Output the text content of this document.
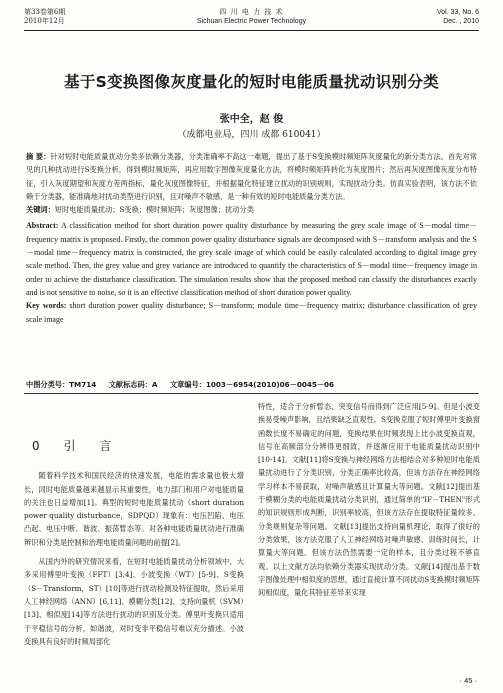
第33卷第6期
2010年12月
四 川 电 力 技 术
Sichuan Electric Power Technology
Vol. 33, No. 6
Dec. , 2010
基于S变换图像灰度量化的短时电能质量扰动识别分类
张中全，赵 俊
（成都电业局，四川 成都 610041）

摘 要：针对短时电能质量扰动分类多依赖分类器，分类准确率不高这一难题，提出了基于S变换模时频矩阵灰度量化的新分类方法。首先对常见的几种扰动进行S变换分析，得到模时频矩阵，再应用数字图像灰度量化方法，将模时频矩阵转化为灰度图片；然后再灰度图像灰度分布特征，引入灰度期望和灰度方差两指标，量化灰度图像特征，并根据量化特征建立扰动的识别规则，实现扰动分类。仿真实验表明，该方法不依赖于分类器，能准确地对扰动类型进行识别，且对噪声不敏感，是一种有效的短时电能质量分类方法。

关键词：短时电能质量扰动；S变换；模时频矩阵；灰度图像；扰动分类

Abstract: A classification method for short duration power quality disturbance by measuring the grey scale image of S－modal time－frequency matrix is proposed. Firstly, the common power quality disturbance signals are decomposed with S－transform analysis and the S－modal time－frequency matrix is constructed, the grey scale image of which could be easily calculated according to digital image grey scale method. Then, the grey value and grey variance are introduced to quantify the characteristics of S－modal time－frequency image in order to achieve the disturbance classification. The simulation results show that the proposed method can classify the disturbances exactly and is not sensitive to noise, so it is an effective classification method of short duration power quality.

Key words: short duration power quality disturbance; S－transform; module time－frequency matrix; disturbance classification of grey scale image

中图分类号：TM714 文献标志码：A 文章编号：1003－6954(2010)06－0045－06
0 引 言

随着科学技术和国民经济的快速发展，电能的需求量也极大增长，同时电能质量越来越显示其重要性，电力部门和用户对电能质量的关注也日益增加[1]。典型的短时电能质量扰动（short duration power quality disturbance，SDPQD）现象有：电压凹陷、电压凸起、电压中断、谐波、振荡暂态等。对各种电能质量扰动进行准确辨识和分类是控制和治理电能质量问题的前提[2]。

从国内外的研究情况来看，在短时电能质量扰动分析领域中，大多采用傅里叶变换（FFT）[3,4]、小波变换（WT）[5-9]、S变换（S－Transform，ST）[10]等进行扰动检测及特征提取，然后采用人工神经网络（ANN）[6,11]、模糊分类[12]、支持向量机（SVM）[13]、相似度[14]等方法进行扰动的识别及分类。傅里叶变换只适用于平稳信号的分析，如谐波，对时变非平稳信号难以充分描述。小波变换具有良好的时频局部化

特性，适合于分析暂态、突变信号而得到广泛应用[5-9]。但是小波变换易受噪声影响，且结果缺乏直观性。S变换克服了短时傅里叶变换窗函数长度不易确定的问题，变换结果在时频表现上比小波变换直观，信号在高频部分分辨得更细致，并逐渐应用于电能质量扰动识别中[10-14]。文献[11]将S变换与神经网络方法相结合对多种短时电能质量扰动进行了分类识别，分类正确率比较高，但该方法存在神经网络学习样本不易获取，对噪声敏感且计算量大等问题。文献[12]提出基于模糊分类的电能质量扰动分类识别，通过简单的"IF－THEN"形式的知识规则形成判断，识别率较高，但该方法存在提取特征量较多、分类规则复杂等问题。文献[13]提出支持向量机理论，取得了很好的分类效果，该方法克服了人工神经网络对噪声敏感、训练时间长，计算量大等问题。但该方法仍然需要一定的样本，且分类过程不够直观。以上文献方法均依赖分类器实现扰动分类。文献[14]提出基于数字图像处理中相似度的思想，通过直接计算不同扰动S变换模时频矩阵间相似度，量化其特征差异来实现

· 45 ·
